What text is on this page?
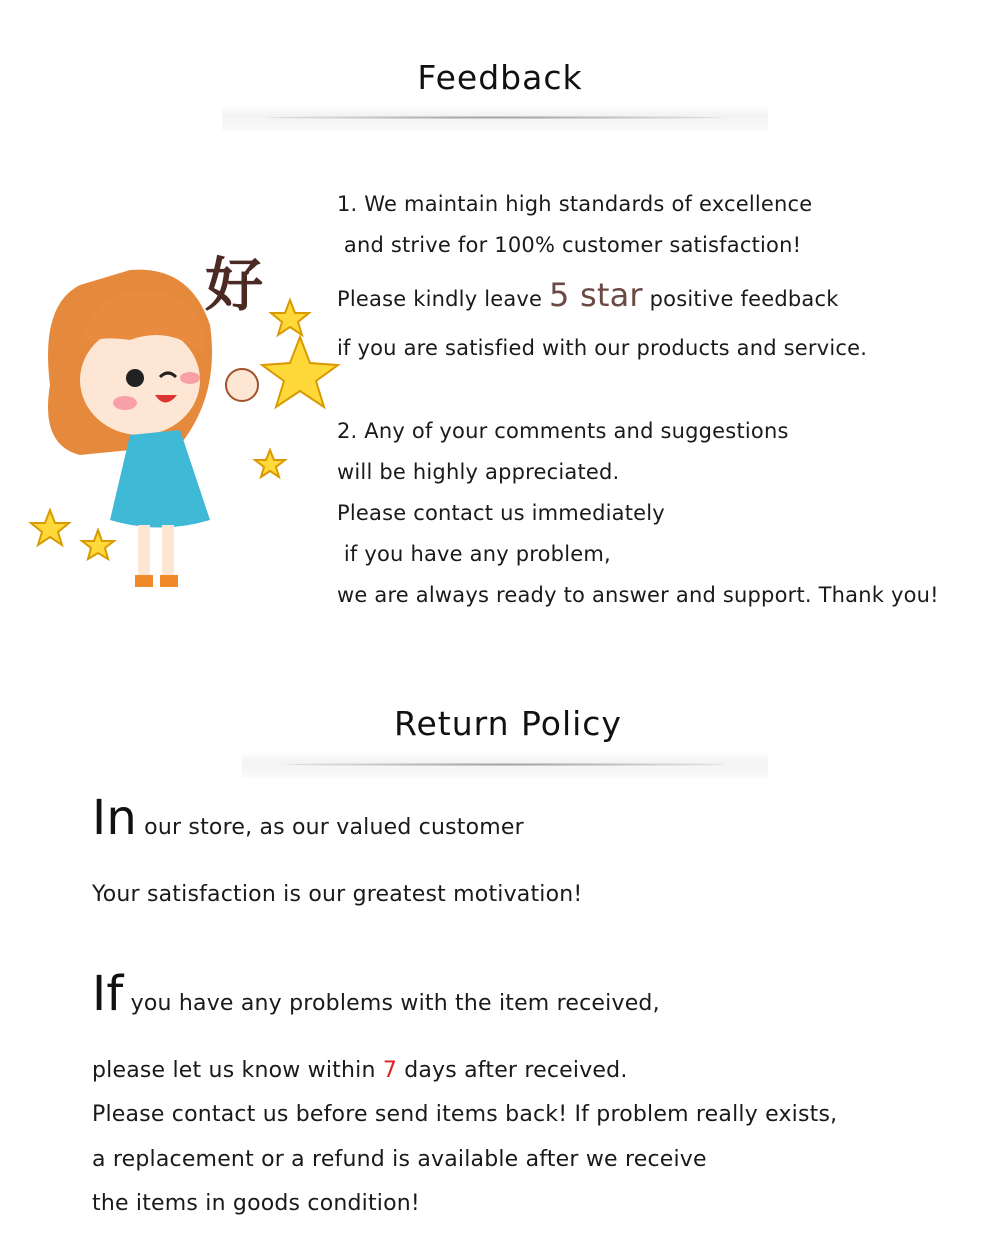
Feedback
好
1. We maintain high standards of excellence
and strive for 100% customer satisfaction!
Please kindly leave 5 star positive feedback
if you are satisfied with our products and service.
2. Any of your comments and suggestions
will be highly appreciated.
Please contact us immediately
if you have any problem,
we are always ready to answer and support. Thank you!
Return Policy
In our store, as our valued customer
Your satisfaction is our greatest motivation!
If you have any problems with the item received,
please let us know within 7 days after received.
Please contact us before send items back! If problem really exists,
a replacement or a refund is available after we receive
the items in goods condition!
